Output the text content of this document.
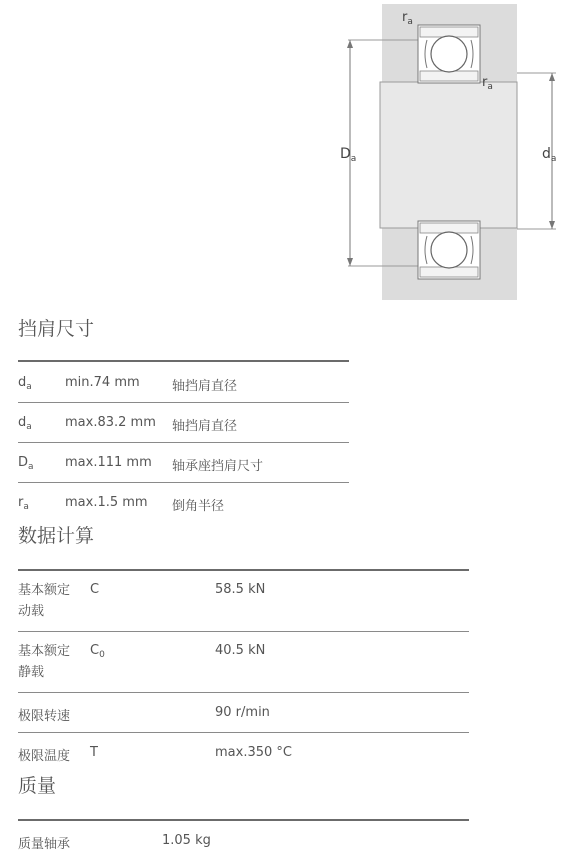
$r_a$
$r_a$
$D_a$	$d_a$
挡肩尺寸
$d_a$	min.74 mm 轴挡肩直径
$d_a$	max.83.2 mm 轴挡肩直径
$D_a$ max.111 mm 轴承座挡肩尺寸
$r_a$	max.1.5 mm 倒角半径
数据计算
基本额定动载
C	58.5 kN
基本额定静载
$C_0$	40.5 kN
极限转速	90 r/min
极限温度 T	max.350 °C
质量
质量轴承	1.05 kg
